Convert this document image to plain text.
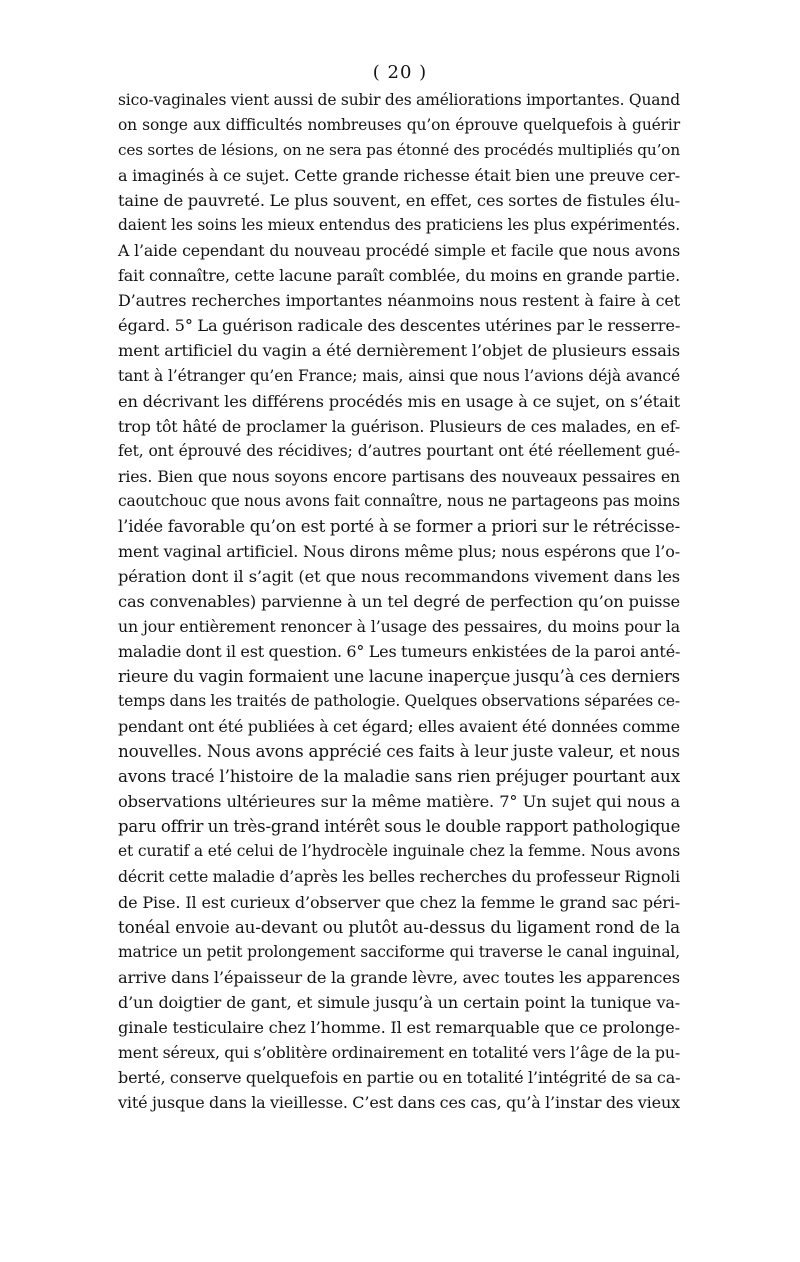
( 20 )
sico-vaginales vient aussi de subir des améliorations importantes. Quand
on songe aux difficultés nombreuses qu’on éprouve quelquefois à guérir
ces sortes de lésions, on ne sera pas étonné des procédés multipliés qu’on
a imaginés à ce sujet. Cette grande richesse était bien une preuve cer-
taine de pauvreté. Le plus souvent, en effet, ces sortes de fistules élu-
daient les soins les mieux entendus des praticiens les plus expérimentés.
A l’aide cependant du nouveau procédé simple et facile que nous avons
fait connaître, cette lacune paraît comblée, du moins en grande partie.
D’autres recherches importantes néanmoins nous restent à faire à cet
égard. 5° La guérison radicale des descentes utérines par le resserre-
ment artificiel du vagin a été dernièrement l’objet de plusieurs essais
tant à l’étranger qu’en France; mais, ainsi que nous l’avions déjà avancé
en décrivant les différens procédés mis en usage à ce sujet, on s’était
trop tôt hâté de proclamer la guérison. Plusieurs de ces malades, en ef-
fet, ont éprouvé des récidives; d’autres pourtant ont été réellement gué-
ries. Bien que nous soyons encore partisans des nouveaux pessaires en
caoutchouc que nous avons fait connaître, nous ne partageons pas moins
l’idée favorable qu’on est porté à se former a priori sur le rétrécisse-
ment vaginal artificiel. Nous dirons même plus; nous espérons que l’o-
pération dont il s’agit (et que nous recommandons vivement dans les
cas convenables) parvienne à un tel degré de perfection qu’on puisse
un jour entièrement renoncer à l’usage des pessaires, du moins pour la
maladie dont il est question. 6° Les tumeurs enkistées de la paroi anté-
rieure du vagin formaient une lacune inaperçue jusqu’à ces derniers
temps dans les traités de pathologie. Quelques observations séparées ce-
pendant ont été publiées à cet égard; elles avaient été données comme
nouvelles. Nous avons apprécié ces faits à leur juste valeur, et nous
avons tracé l’histoire de la maladie sans rien préjuger pourtant aux
observations ultérieures sur la même matière. 7° Un sujet qui nous a
paru offrir un très-grand intérêt sous le double rapport pathologique
et curatif a eté celui de l’hydrocèle inguinale chez la femme. Nous avons
décrit cette maladie d’après les belles recherches du professeur Rignoli
de Pise. Il est curieux d’observer que chez la femme le grand sac péri-
tonéal envoie au-devant ou plutôt au-dessus du ligament rond de la
matrice un petit prolongement sacciforme qui traverse le canal inguinal,
arrive dans l’épaisseur de la grande lèvre, avec toutes les apparences
d’un doigtier de gant, et simule jusqu’à un certain point la tunique va-
ginale testiculaire chez l’homme. Il est remarquable que ce prolonge-
ment séreux, qui s’oblitère ordinairement en totalité vers l’âge de la pu-
berté, conserve quelquefois en partie ou en totalité l’intégrité de sa ca-
vité jusque dans la vieillesse. C’est dans ces cas, qu’à l’instar des vieux
